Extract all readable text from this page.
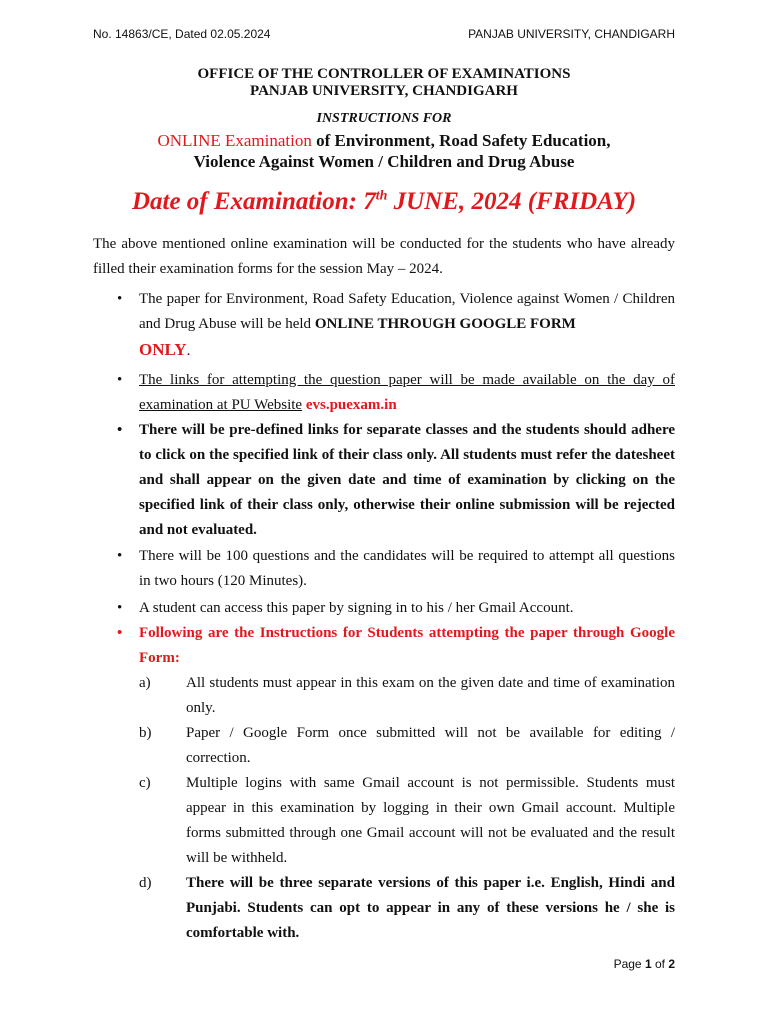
No. 14863/CE, Dated 02.05.2024	PANJAB UNIVERSITY, CHANDIGARH
OFFICE OF THE CONTROLLER OF EXAMINATIONS
PANJAB UNIVERSITY, CHANDIGARH
INSTRUCTIONS FOR
ONLINE Examination of Environment, Road Safety Education,
Violence Against Women / Children and Drug Abuse
Date of Examination: 7th JUNE, 2024 (FRIDAY)
The above mentioned online examination will be conducted for the students who have already filled their examination forms for the session May – 2024.
• The paper for Environment, Road Safety Education, Violence against Women / Children and Drug Abuse will be held ONLINE THROUGH GOOGLE FORM
ONLY.
• The links for attempting the question paper will be made available on the day of examination at PU Website evs.puexam.in
• There will be pre-defined links for separate classes and the students should adhere to click on the specified link of their class only. All students must refer the datesheet and shall appear on the given date and time of examination by clicking on the specified link of their class only, otherwise their online submission will be rejected and not evaluated.
• There will be 100 questions and the candidates will be required to attempt all questions in two hours (120 Minutes).
• A student can access this paper by signing in to his / her Gmail Account.
• Following are the Instructions for Students attempting the paper through Google Form:
a) All students must appear in this exam on the given date and time of examination only.
b) Paper / Google Form once submitted will not be available for editing / correction.
c) Multiple logins with same Gmail account is not permissible. Students must appear in this examination by logging in their own Gmail account. Multiple forms submitted through one Gmail account will not be evaluated and the result will be withheld.
d) There will be three separate versions of this paper i.e. English, Hindi and Punjabi. Students can opt to appear in any of these versions he / she is comfortable with.
Page 1 of 2
